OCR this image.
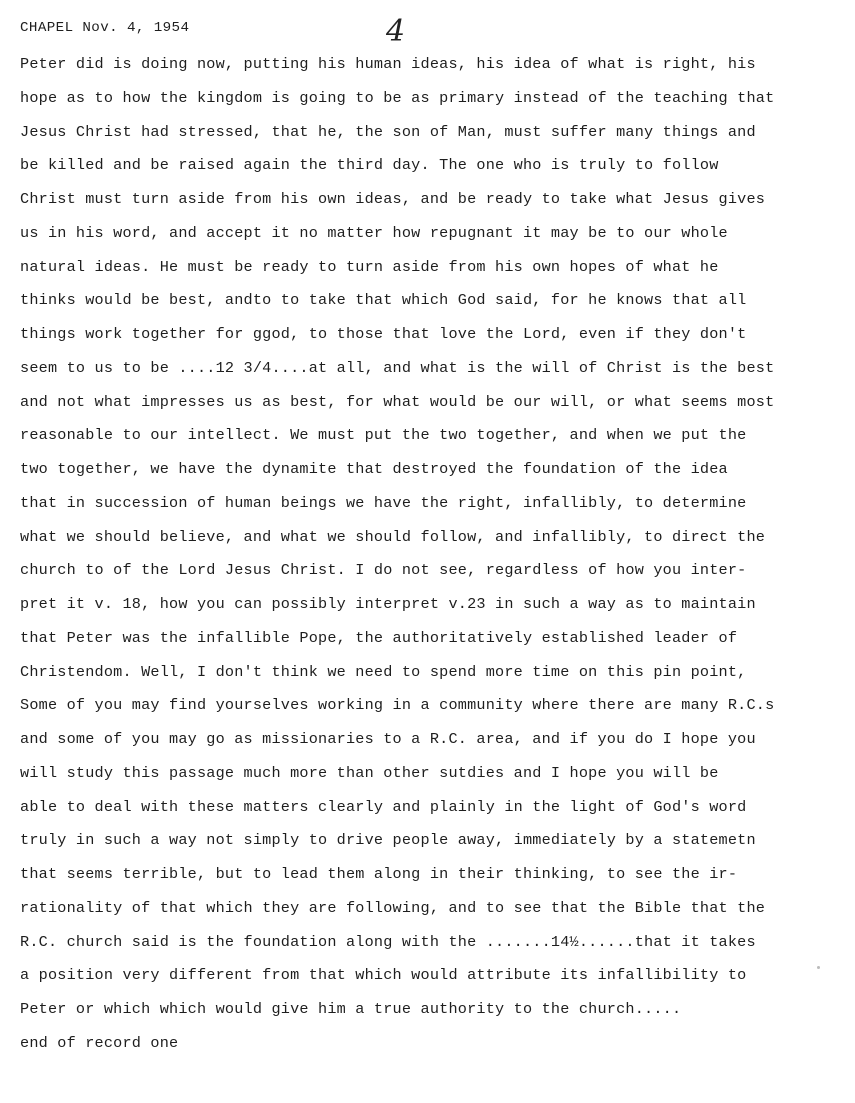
CHAPEL Nov. 4, 1954	4
Peter did is doing now, putting his human ideas, his idea of what is right, his
hope as to how the kingdom is going to be as primary instead of the teaching that
Jesus Christ had stressed, that he, the son of Man, must suffer many things and
be killed and be raised again the third day. The one who is truly to follow
Christ must turn aside from his own ideas, and be ready to take what Jesus gives
us in his word, and accept it no matter how repugnant it may be to our whole
natural ideas. He must be ready to turn aside from his own hopes of what he
thinks would be best, andto to take that which God said, for he knows that all
things work together for ggod, to those that love the Lord, even if they don't
seem to us to be ....12 3/4....at all, and what is the will of Christ is the best
and not what impresses us as best, for what would be our will, or what seems most
reasonable to our intellect. We must put the two together, and when we put the
two together, we have the dynamite that destroyed the foundation of the idea
that in succession of human beings we have the right, infallibly, to determine
what we should believe, and what we should follow, and infallibly, to direct the
church to of the Lord Jesus Christ. I do not see, regardless of how you inter-
pret it v. 18, how you can possibly interpret v.23 in such a way as to maintain
that Peter was the infallible Pope, the authoritatively established leader of
Christendom. Well, I don't think we need to spend more time on this pin point,
Some of you may find yourselves working in a community where there are many R.C.s
and some of you may go as missionaries to a R.C. area, and if you do I hope you
will study this passage much more than other sutdies and I hope you will be
able to deal with these matters clearly and plainly in the light of God's word
truly in such a way not simply to drive people away, immediately by a statemetn
that seems terrible, but to lead them along in their thinking, to see the ir-
rationality of that which they are following, and to see that the Bible that the
R.C. church said is the foundation along with the .......14½......that it takes
a position very different from that which would attribute its infallibility to
Peter or which which would give him a true authority to the church.....
end of record one
